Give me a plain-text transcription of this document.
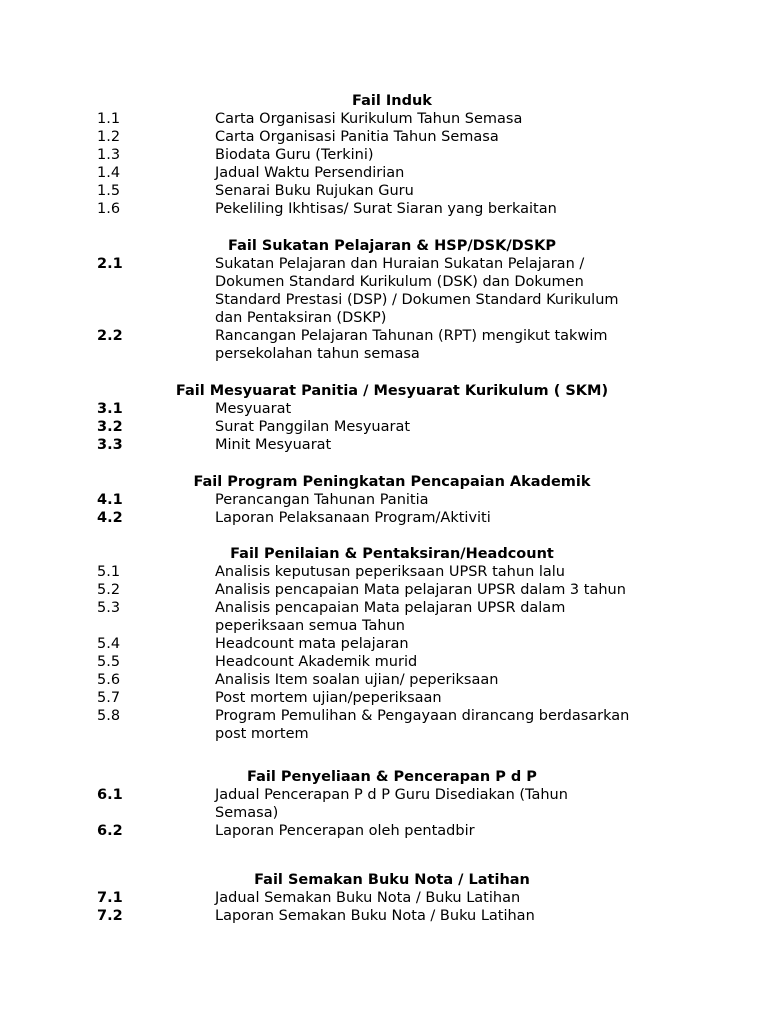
Fail Induk
1.1	Carta Organisasi Kurikulum Tahun Semasa
1.2	Carta Organisasi Panitia Tahun Semasa
1.3	Biodata Guru (Terkini)
1.4	Jadual Waktu Persendirian
1.5	Senarai Buku Rujukan Guru
1.6	Pekeliling Ikhtisas/ Surat Siaran yang berkaitan
Fail Sukatan Pelajaran & HSP/DSK/DSKP
2.1	Sukatan Pelajaran dan Huraian Sukatan Pelajaran / Dokumen Standard Kurikulum (DSK) dan Dokumen Standard Prestasi (DSP) / Dokumen Standard Kurikulum dan Pentaksiran (DSKP)
2.2	Rancangan Pelajaran Tahunan (RPT) mengikut takwim persekolahan tahun semasa
Fail Mesyuarat Panitia / Mesyuarat Kurikulum ( SKM)
3.1	Mesyuarat
3.2	Surat Panggilan Mesyuarat
3.3	Minit Mesyuarat
Fail Program Peningkatan Pencapaian Akademik
4.1	Perancangan Tahunan Panitia
4.2	Laporan Pelaksanaan Program/Aktiviti
Fail Penilaian & Pentaksiran/Headcount
5.1	Analisis keputusan peperiksaan UPSR tahun lalu
5.2	Analisis pencapaian Mata pelajaran UPSR dalam 3 tahun
5.3	Analisis pencapaian Mata pelajaran UPSR dalam peperiksaan semua Tahun
5.4	Headcount mata pelajaran
5.5	Headcount Akademik murid
5.6	Analisis Item soalan ujian/ peperiksaan
5.7	Post mortem ujian/peperiksaan
5.8	Program Pemulihan & Pengayaan dirancang berdasarkan post mortem
Fail Penyeliaan & Pencerapan P d P
6.1	Jadual Pencerapan P d P Guru Disediakan (Tahun Semasa)
6.2	Laporan Pencerapan oleh pentadbir
Fail Semakan Buku Nota / Latihan
7.1	Jadual Semakan Buku Nota / Buku Latihan
7.2	Laporan Semakan Buku Nota / Buku Latihan
